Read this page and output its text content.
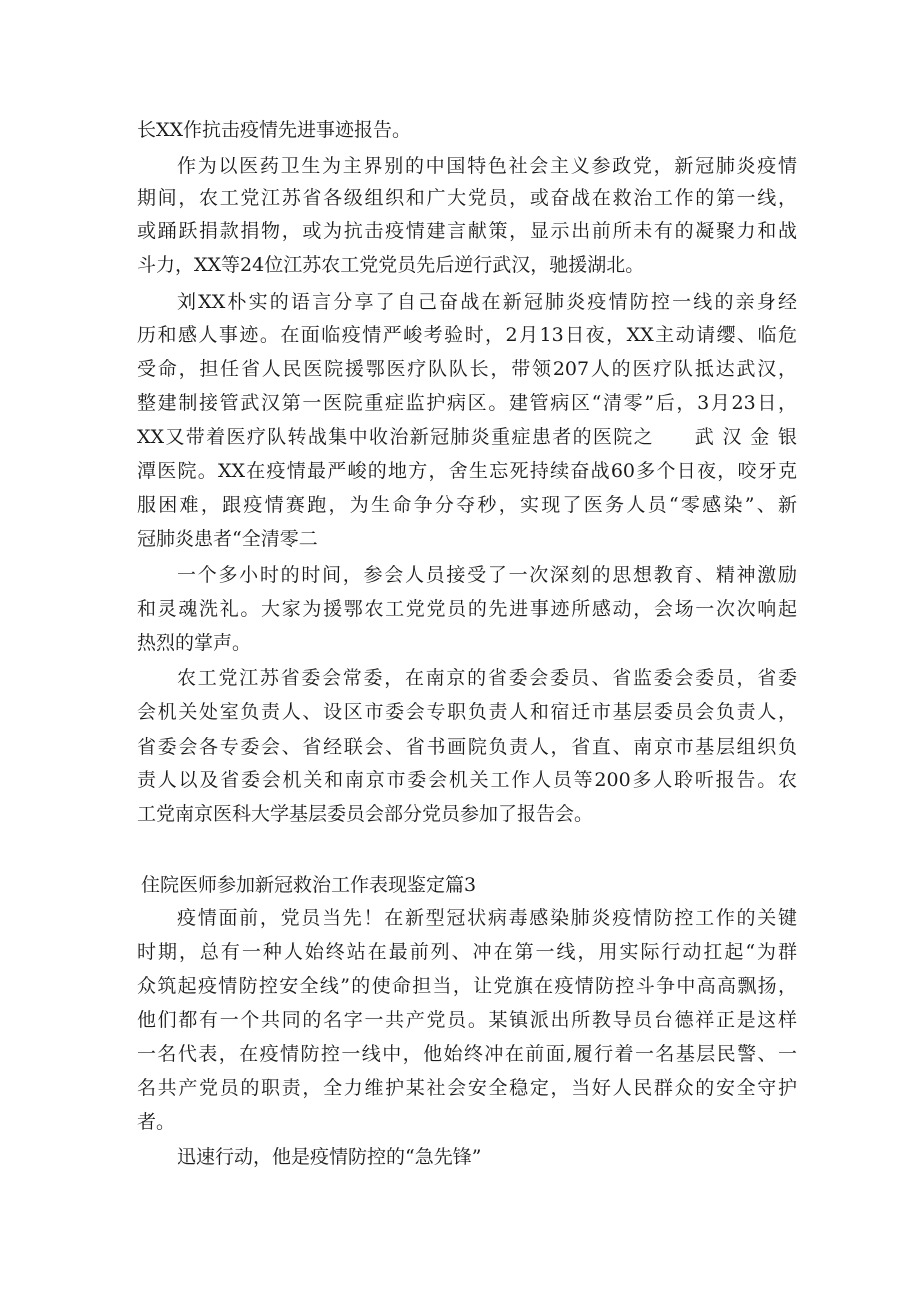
长XX作抗击疫情先进事迹报告。
作为以医药卫生为主界别的中国特色社会主义参政党，新冠肺炎疫情
期间，农工党江苏省各级组织和广大党员，或奋战在救治工作的第一线，
或踊跃捐款捐物，或为抗击疫情建言献策，显示出前所未有的凝聚力和战
斗力，XX等24位江苏农工党党员先后逆行武汉，驰援湖北。
刘XX朴实的语言分享了自己奋战在新冠肺炎疫情防控一线的亲身经
历和感人事迹。在面临疫情严峻考验时，2月13日夜，XX主动请缨、临危
受命，担任省人民医院援鄂医疗队队长，带领207人的医疗队抵达武汉，
整建制接管武汉第一医院重症监护病区。建管病区“清零”后，3月23日，
XX又带着医疗队转战集中收治新冠肺炎重症患者的医院之　　武 汉 金 银
潭医院。XX在疫情最严峻的地方，舍生忘死持续奋战60多个日夜，咬牙克
服困难，跟疫情赛跑，为生命争分夺秒，实现了医务人员“零感染”、新
冠肺炎患者“全清零二
一个多小时的时间，参会人员接受了一次深刻的思想教育、精神激励
和灵魂洗礼。大家为援鄂农工党党员的先进事迹所感动，会场一次次响起
热烈的掌声。
农工党江苏省委会常委，在南京的省委会委员、省监委会委员，省委
会机关处室负责人、设区市委会专职负责人和宿迁市基层委员会负责人，
省委会各专委会、省经联会、省书画院负责人，省直、南京市基层组织负
责人以及省委会机关和南京市委会机关工作人员等200多人聆听报告。农
工党南京医科大学基层委员会部分党员参加了报告会。
住院医师参加新冠救治工作表现鉴定篇3
疫情面前，党员当先！在新型冠状病毒感染肺炎疫情防控工作的关键
时期，总有一种人始终站在最前列、冲在第一线，用实际行动扛起“为群
众筑起疫情防控安全线”的使命担当，让党旗在疫情防控斗争中高高飘扬，
他们都有一个共同的名字一共产党员。某镇派出所教导员台德祥正是这样
一名代表，在疫情防控一线中，他始终冲在前面,履行着一名基层民警、一
名共产党员的职责，全力维护某社会安全稳定，当好人民群众的安全守护
者。
迅速行动，他是疫情防控的“急先锋”
